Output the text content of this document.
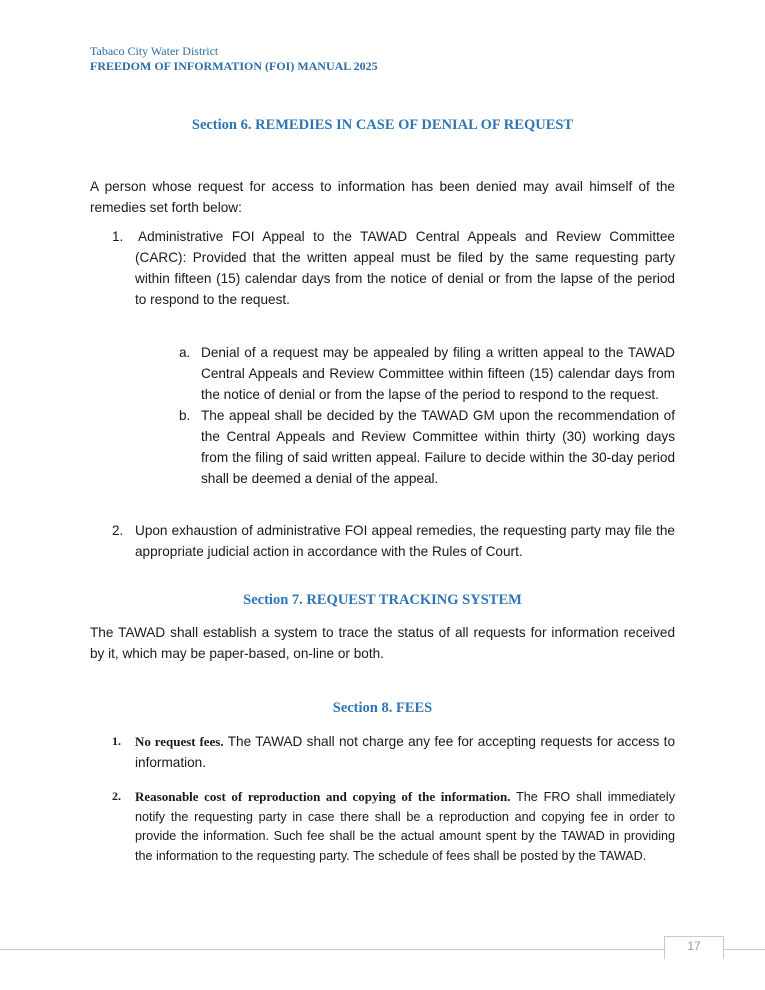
Tabaco City Water District
FREEDOM OF INFORMATION (FOI) MANUAL 2025
Section 6. REMEDIES IN CASE OF DENIAL OF REQUEST
A person whose request for access to information has been denied may avail himself of the remedies set forth below:
1. Administrative FOI Appeal to the TAWAD Central Appeals and Review Committee (CARC): Provided that the written appeal must be filed by the same requesting party within fifteen (15) calendar days from the notice of denial or from the lapse of the period to respond to the request.
a. Denial of a request may be appealed by filing a written appeal to the TAWAD Central Appeals and Review Committee within fifteen (15) calendar days from the notice of denial or from the lapse of the period to respond to the request.
b. The appeal shall be decided by the TAWAD GM upon the recommendation of the Central Appeals and Review Committee within thirty (30) working days from the filing of said written appeal. Failure to decide within the 30-day period shall be deemed a denial of the appeal.
2. Upon exhaustion of administrative FOI appeal remedies, the requesting party may file the appropriate judicial action in accordance with the Rules of Court.
Section 7. REQUEST TRACKING SYSTEM
The TAWAD shall establish a system to trace the status of all requests for information received by it, which may be paper-based, on-line or both.
Section 8. FEES
1. No request fees. The TAWAD shall not charge any fee for accepting requests for access to information.
2. Reasonable cost of reproduction and copying of the information. The FRO shall immediately notify the requesting party in case there shall be a reproduction and copying fee in order to provide the information. Such fee shall be the actual amount spent by the TAWAD in providing the information to the requesting party. The schedule of fees shall be posted by the TAWAD.
17
